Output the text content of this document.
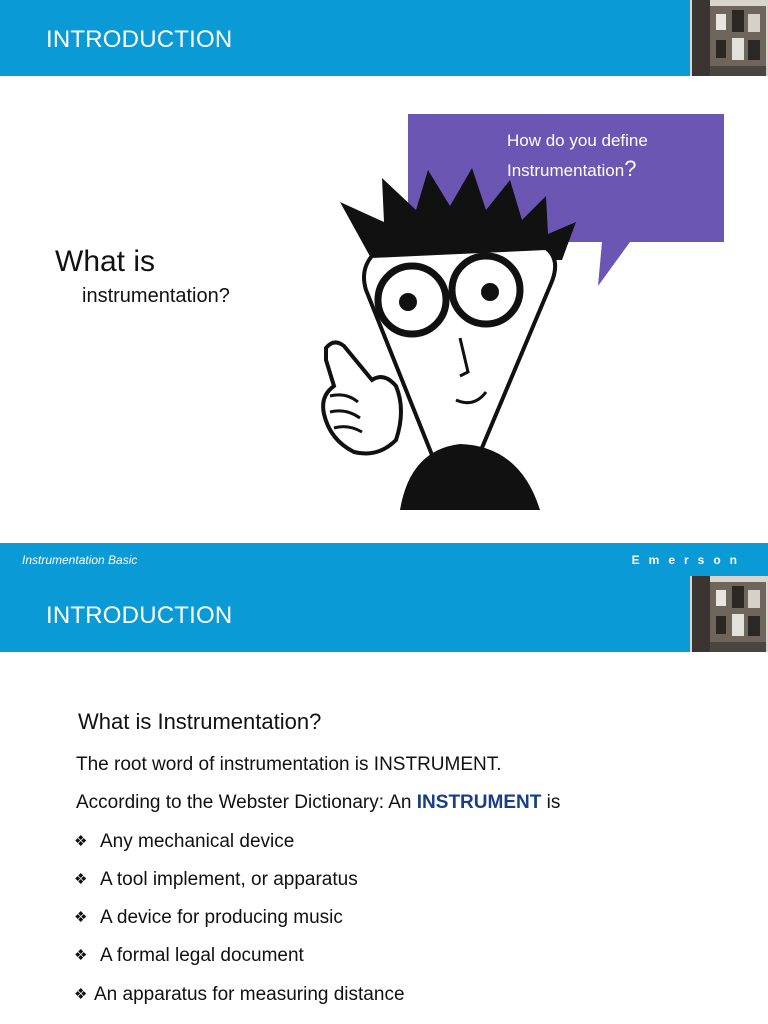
INTRODUCTION
What is
instrumentation?
How do you define
Instrumentation?
Instrumentation Basic	Emerson
INTRODUCTION
What is Instrumentation?
The root word of instrumentation is INSTRUMENT.
According to the Webster Dictionary: An INSTRUMENT is
❖ Any mechanical device
❖ A tool implement, or apparatus
❖ A device for producing music
❖ A formal legal document
❖ An apparatus for measuring distance
